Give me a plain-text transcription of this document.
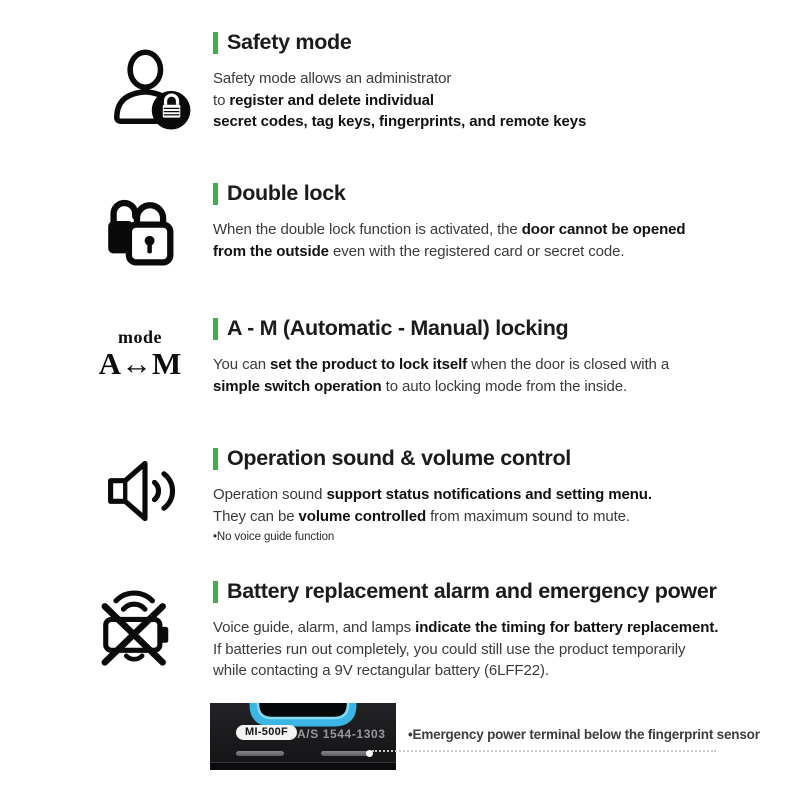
Safety mode
Safety mode allows an administrator
to register and delete individual
secret codes, tag keys, fingerprints, and remote keys
Double lock
When the double lock function is activated, the door cannot be opened
from the outside even with the registered card or secret code.
mode
A↔M
A - M (Automatic - Manual) locking
You can set the product to lock itself when the door is closed with a
simple switch operation to auto locking mode from the inside.
Operation sound & volume control
Operation sound support status notifications and setting menu.
They can be volume controlled from maximum sound to mute.
•No voice guide function
Battery replacement alarm and emergency power
Voice guide, alarm, and lamps indicate the timing for battery replacement.
If batteries run out completely, you could still use the product temporarily
while contacting a 9V rectangular battery (6LFF22).
MI-500F A/S 1544-1303 •Emergency power terminal below the fingerprint sensor
